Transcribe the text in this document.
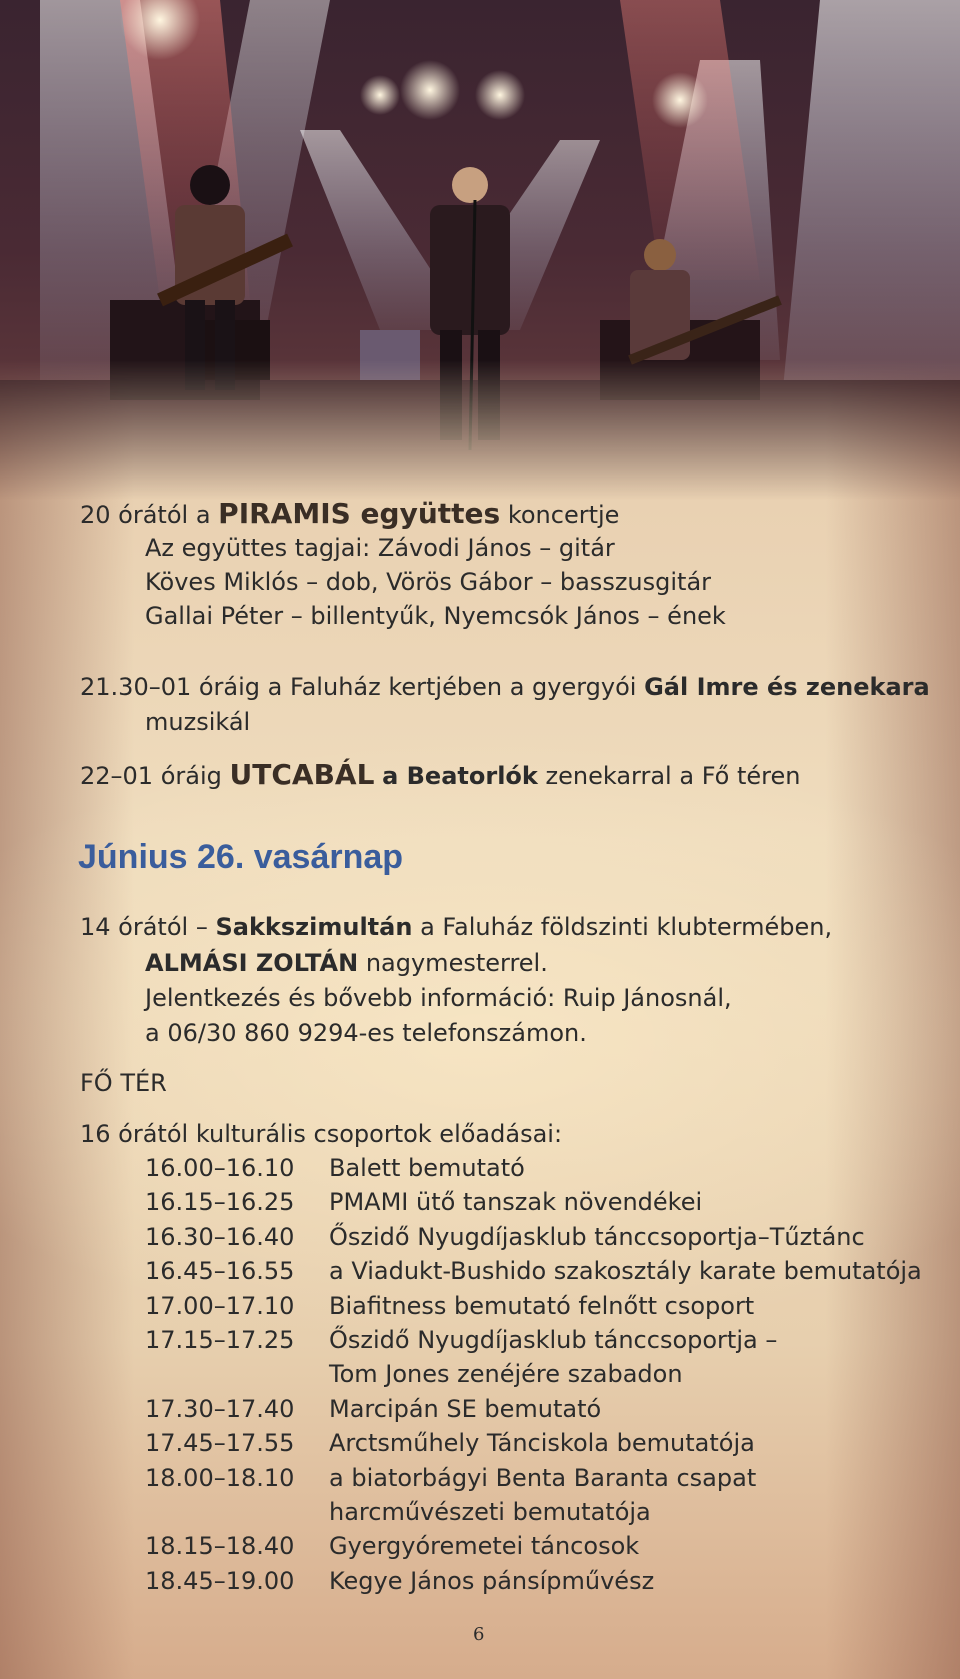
20 órától a PIRAMIS együttes koncertje
Az együttes tagjai: Závodi János – gitár
Köves Miklós – dob, Vörös Gábor – basszusgitár
Gallai Péter – billentyűk, Nyemcsók János – ének
21.30–01 óráig a Faluház kertjében a gyergyói Gál Imre és zenekara
muzsikál
22–01 óráig UTCABÁL a Beatorlók zenekarral a Fő téren
Június 26. vasárnap
14 órától – Sakkszimultán a Faluház földszinti klubtermében,
ALMÁSI ZOLTÁN nagymesterrel.
Jelentkezés és bővebb információ: Ruip Jánosnál,
a 06/30 860 9294-es telefonszámon.
FŐ TÉR
16 órától kulturális csoportok előadásai:
16.00–16.10 Balett bemutató
16.15–16.25 PMAMI ütő tanszak növendékei
16.30–16.40 Őszidő Nyugdíjasklub tánccsoportja–Tűztánc
16.45–16.55 a Viadukt-Bushido szakosztály karate bemutatója
17.00–17.10 Biafitness bemutató felnőtt csoport
17.15–17.25 Őszidő Nyugdíjasklub tánccsoportja –
Tom Jones zenéjére szabadon
17.30–17.40 Marcipán SE bemutató
17.45–17.55 Arctsműhely Tánciskola bemutatója
18.00–18.10 a biatorbágyi Benta Baranta csapat
harcművészeti bemutatója
18.15–18.40 Gyergyóremetei táncosok
18.45–19.00 Kegye János pánsípművész
6
